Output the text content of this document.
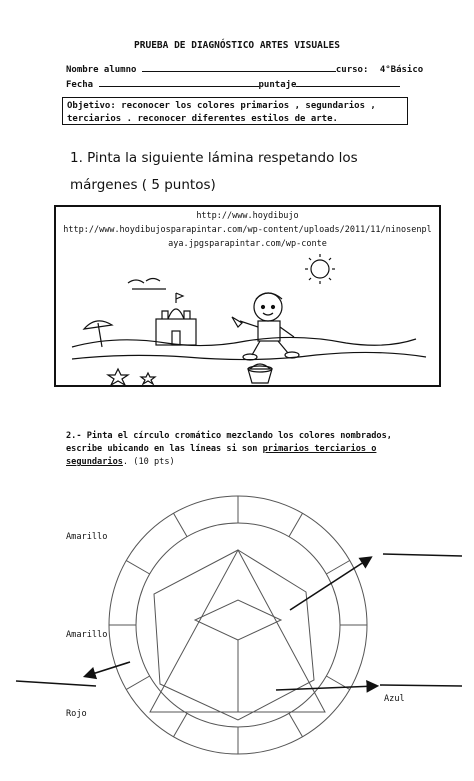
PRUEBA DE DIAGNÓSTICO ARTES VISUALES
Nombre alumno	curso: 4°Básico
Fecha	puntaje
Objetivo: reconocer los colores primarios , segundarios ,
terciarios . reconocer diferentes estilos de arte.
1. Pinta la siguiente lámina respetando los
márgenes ( 5 puntos)
http://www.hoydibujo
http://www.hoydibujosparapintar.com/wp-content/uploads/2011/11/ninosenpl
aya.jpgsparapintar.com/wp-conte
2.- Pinta el círculo cromático mezclando los colores nombrados,
escribe ubicando en las líneas si son primarios terciarios o
segundarios. (10 pts)
Amarillo
Amarillo
Rojo
Azul
